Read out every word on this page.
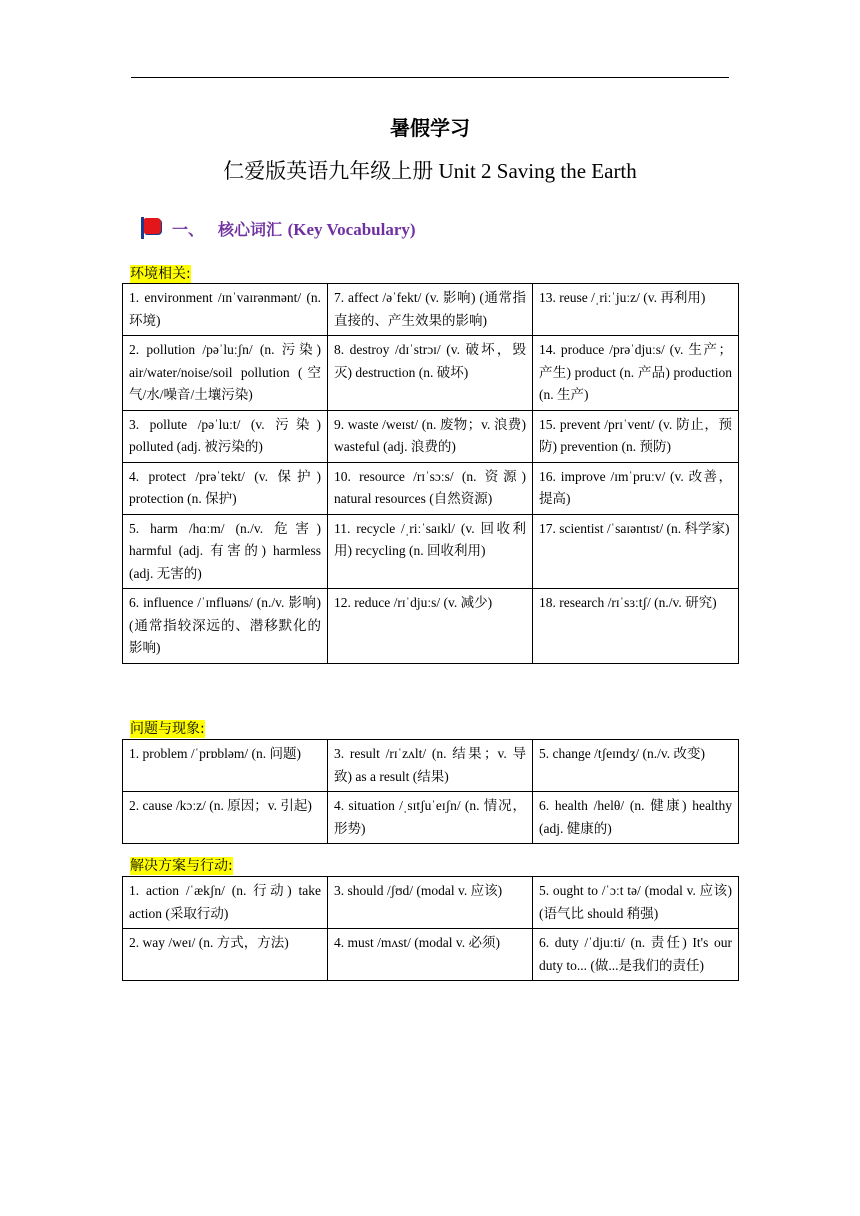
暑假学习
仁爱版英语九年级上册 Unit 2 Saving the Earth
一、 核心词汇 (Key Vocabulary)
环境相关:
1. environment /ɪnˈvaɪrənmənt/ (n. 环境)	7. affect /əˈfekt/ (v. 影响) (通常指直接的、产生效果的影响)	13. reuse /ˌriːˈjuːz/ (v. 再利用)
2. pollution /pəˈluːʃn/ (n. 污染) air/water/noise/soil pollution (空气/水/噪音/土壤污染)	8. destroy /dɪˈstrɔɪ/ (v. 破坏，毁灭) destruction (n. 破坏)	14. produce /prəˈdjuːs/ (v. 生产；产生) product (n. 产品) production (n. 生产)
3. pollute /pəˈluːt/ (v. 污染) polluted (adj. 被污染的)	9. waste /weɪst/ (n. 废物；v. 浪费) wasteful (adj. 浪费的)	15. prevent /prɪˈvent/ (v. 防止，预防) prevention (n. 预防)
4. protect /prəˈtekt/ (v. 保护) protection (n. 保护)	10. resource /rɪˈsɔːs/ (n. 资源) natural resources (自然资源)	16. improve /ɪmˈpruːv/ (v. 改善，提高)
5. harm /hɑːm/ (n./v. 危害) harmful (adj. 有害的) harmless (adj. 无害的)	11. recycle /ˌriːˈsaɪkl/ (v. 回收利用) recycling (n. 回收利用)	17. scientist /ˈsaɪəntɪst/ (n. 科学家)
6. influence /ˈɪnfluəns/ (n./v. 影响) (通常指较深远的、潜移默化的影响)	12. reduce /rɪˈdjuːs/ (v. 减少)	18. research /rɪˈsɜːtʃ/ (n./v. 研究)
问题与现象:
1. problem /ˈprɒbləm/ (n. 问题)	3. result /rɪˈzʌlt/ (n. 结果；v. 导致) as a result (结果)	5. change /tʃeɪndʒ/ (n./v. 改变)
2. cause /kɔːz/ (n. 原因；v. 引起)	4. situation /ˌsɪtʃuˈeɪʃn/ (n. 情况，形势)	6. health /helθ/ (n. 健康) healthy (adj. 健康的)
解决方案与行动:
1. action /ˈækʃn/ (n. 行动) take action (采取行动)	3. should /ʃʊd/ (modal v. 应该)	5. ought to /ˈɔːt tə/ (modal v. 应该) (语气比 should 稍强)
2. way /weɪ/ (n. 方式，方法)	4. must /mʌst/ (modal v. 必须)	6. duty /ˈdjuːti/ (n. 责任) It's our duty to... (做...是我们的责任)
